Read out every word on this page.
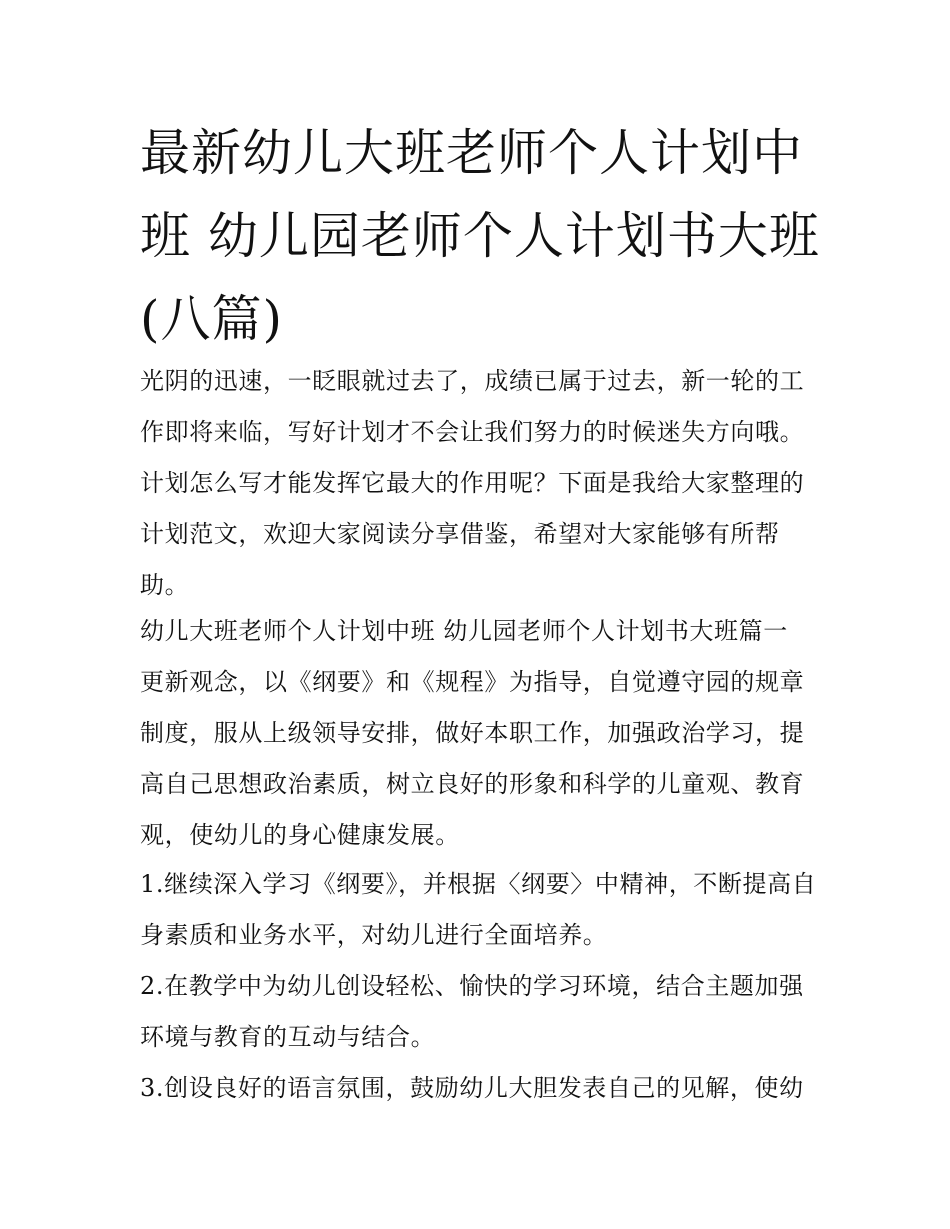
最新幼儿大班老师个人计划中班 幼儿园老师个人计划书大班(八篇)

光阴的迅速，一眨眼就过去了，成绩已属于过去，新一轮的工作即将来临，写好计划才不会让我们努力的时候迷失方向哦。计划怎么写才能发挥它最大的作用呢？下面是我给大家整理的计划范文，欢迎大家阅读分享借鉴，希望对大家能够有所帮助。

幼儿大班老师个人计划中班 幼儿园老师个人计划书大班篇一

更新观念，以《纲要》和《规程》为指导，自觉遵守园的规章制度，服从上级领导安排，做好本职工作，加强政治学习，提高自己思想政治素质，树立良好的形象和科学的儿童观、教育观，使幼儿的身心健康发展。

1.继续深入学习《纲要》，并根据〈纲要〉中精神，不断提高自身素质和业务水平，对幼儿进行全面培养。

2.在教学中为幼儿创设轻松、愉快的学习环境，结合主题加强环境与教育的互动与结合。

3.创设良好的语言氛围，鼓励幼儿大胆发表自己的见解，使幼
